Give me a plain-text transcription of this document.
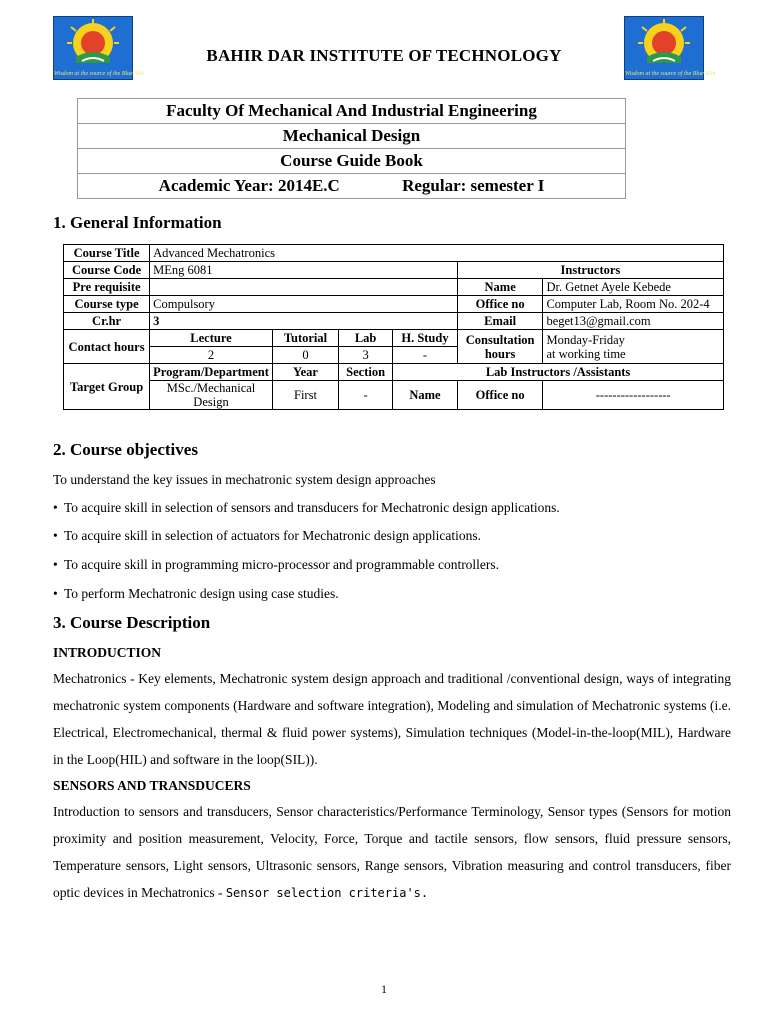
Wisdom at the source of the Blue Nile	Wisdom at the source of the Blue Nile
BAHIR DAR INSTITUTE OF TECHNOLOGY
Faculty Of Mechanical And Industrial Engineering
Mechanical Design
Course Guide Book
Academic Year: 2014E.C	Regular: semester I
1. General Information
Course Title	Advanced Mechatronics					
Course Code	MEng 6081				Instructors	
Pre requisite					Name	Dr. Getnet Ayele Kebede
Course type	Compulsory				Office no	Computer Lab, Room No. 202-4
Cr.hr	3				Email	beget13@gmail.com
Contact hours	Lecture	Tutorial	Lab	H. Study	Consultation hours	Monday-Friday
at working time

	2	0	3	-		
Target Group	Program/Department	Year	Section	Lab Instructors /Assistants		
	MSc./Mechanical Design	First	-	Name	Office no	------------------
2. Course objectives

To understand the key issues in mechatronic system design approaches

• To acquire skill in selection of sensors and transducers for Mechatronic design applications.
• To acquire skill in selection of actuators for Mechatronic design applications.
• To acquire skill in programming micro-processor and programmable controllers.
• To perform Mechatronic design using case studies.
3. Course Description

INTRODUCTION

Mechatronics - Key elements, Mechatronic system design approach and traditional /conventional design, ways of integrating mechatronic system components (Hardware and software integration), Modeling and simulation of Mechatronic systems (i.e. Electrical, Electromechanical, thermal & fluid power systems), Simulation techniques (Model-in-the-loop(MIL), Hardware in the Loop(HIL) and software in the loop(SIL)).

SENSORS AND TRANSDUCERS

Introduction to sensors and transducers, Sensor characteristics/Performance Terminology, Sensor types (Sensors for motion proximity and position measurement, Velocity, Force, Torque and tactile sensors, flow sensors, fluid pressure sensors, Temperature sensors, Light sensors, Ultrasonic sensors, Range sensors, Vibration measuring and control transducers, fiber optic devices in Mechatronics - Sensor selection criteria's.

1
